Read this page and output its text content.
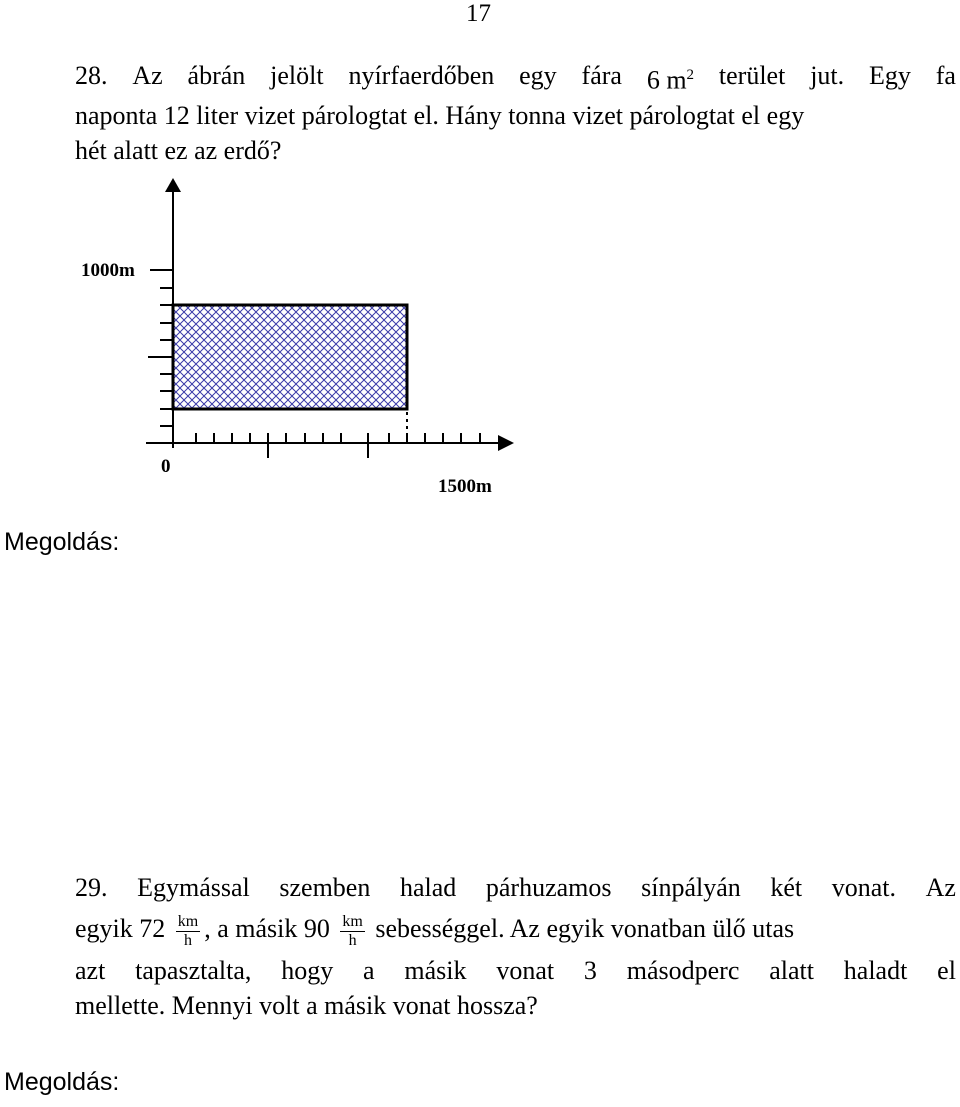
17
28. Az ábrán jelölt nyírfaerdőben egy fára 6 $m^2$ terület jut. Egy fa
naponta 12 liter vizet párologtat el. Hány tonna vizet párologtat el egy
hét alatt ez az erdő?
1000m
0
1500m
Megoldás:
29. Egymással szemben halad párhuzamos sínpályán két vonat. Az
egyik $72 \frac{km}{h}$ , a másik $90 \frac{km}{h}$ sebességgel. Az egyik vonatban ülő utas
azt tapasztalta, hogy a másik vonat 3 másodperc alatt haladt el
mellette. Mennyi volt a másik vonat hossza?
Megoldás:
